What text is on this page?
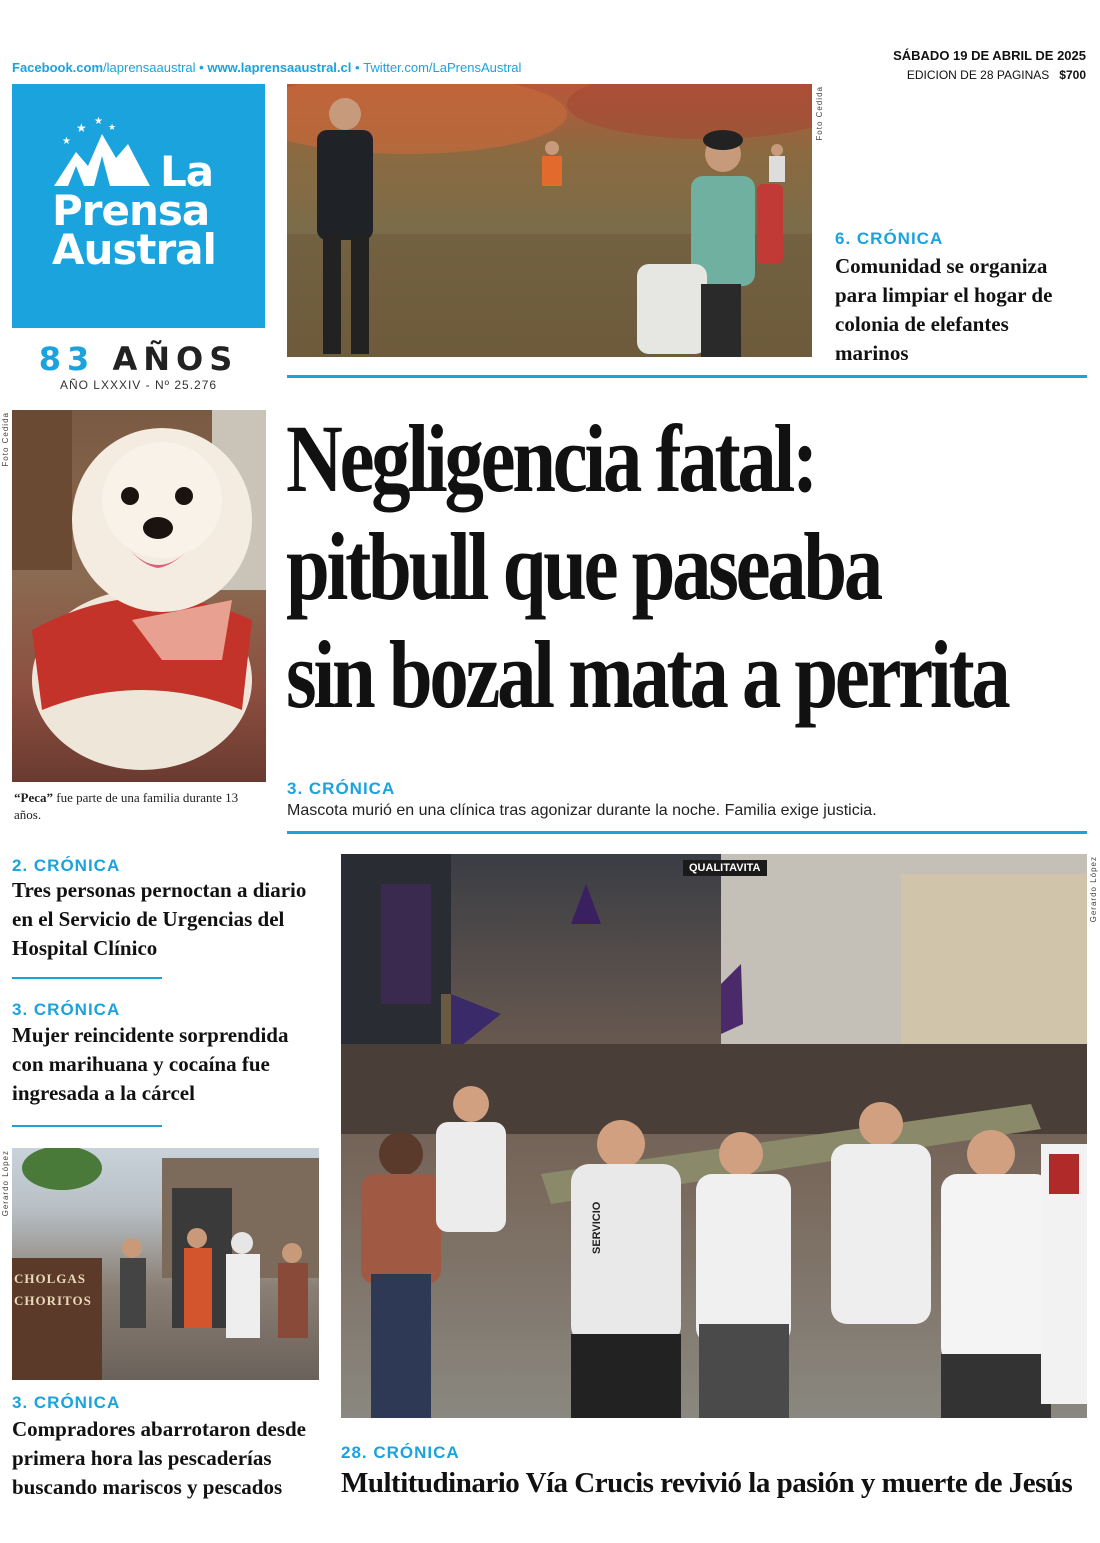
Facebook.com/laprensaaustral • www.laprensaaustral.cl • Twitter.com/LaPrensAustral
SÁBADO 19 DE ABRIL DE 2025
EDICION DE 28 PAGINAS $700
★ ★ ★
★
La
Prensa
Austral
83 AÑOS
AÑO LXXXIV - Nº 25.276
Foto Cedida
6. CRÓNICA
Comunidad se organiza para limpiar el hogar de colonia de elefantes marinos
Foto Cedida
“Peca” fue parte de una familia durante 13 años.
Negligencia fatal:
pitbull que paseaba
sin bozal mata a perrita
3. CRÓNICA
Mascota murió en una clínica tras agonizar durante la noche. Familia exige justicia.
2. CRÓNICA
Tres personas pernoctan a diario en el Servicio de Urgencias del Hospital Clínico
3. CRÓNICA
Mujer reincidente sorprendida con marihuana y cocaína fue ingresada a la cárcel
Gerardo López
CHOLGAS
CHORITOS
3. CRÓNICA
Compradores abarrotaron desde primera hora las pescaderías buscando mariscos y pescados
QUALITAVITA
SERVICIO
Gerardo López
28. CRÓNICA
Multitudinario Vía Crucis revivió la pasión y muerte de Jesús
